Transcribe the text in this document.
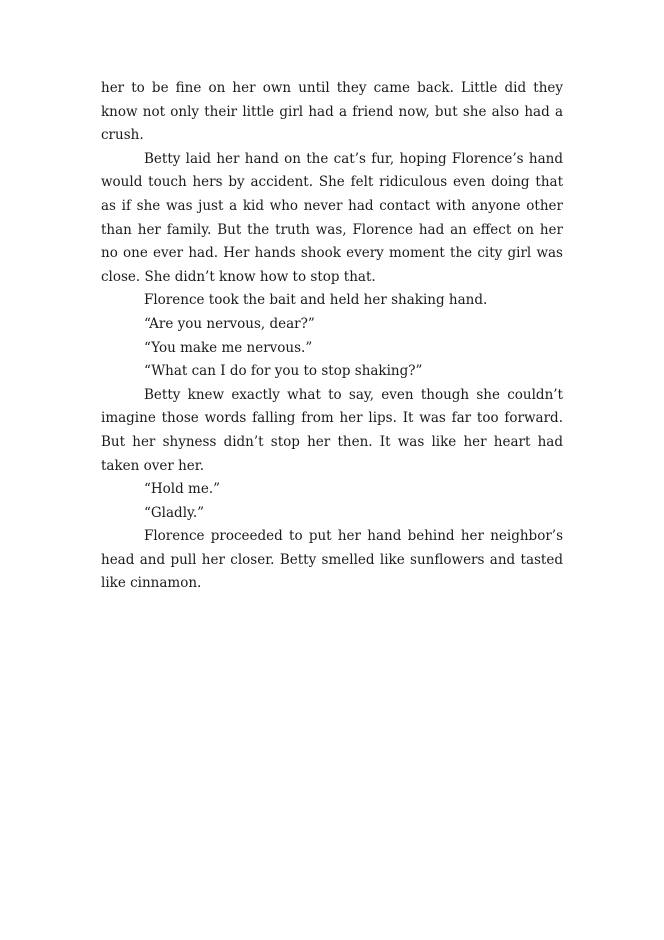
her to be fine on her own until they came back. Little did they know not only their little girl had a friend now, but she also had a crush.

Betty laid her hand on the cat’s fur, hoping Florence’s hand would touch hers by accident. She felt ridiculous even doing that as if she was just a kid who never had contact with anyone other than her family. But the truth was, Florence had an effect on her no one ever had. Her hands shook every moment the city girl was close. She didn’t know how to stop that.

Florence took the bait and held her shaking hand.

“Are you nervous, dear?”

“You make me nervous.”

“What can I do for you to stop shaking?”

Betty knew exactly what to say, even though she couldn’t imagine those words falling from her lips. It was far too forward. But her shyness didn’t stop her then. It was like her heart had taken over her.

“Hold me.”

“Gladly.”

Florence proceeded to put her hand behind her neighbor’s head and pull her closer. Betty smelled like sunflowers and tasted like cinnamon.
